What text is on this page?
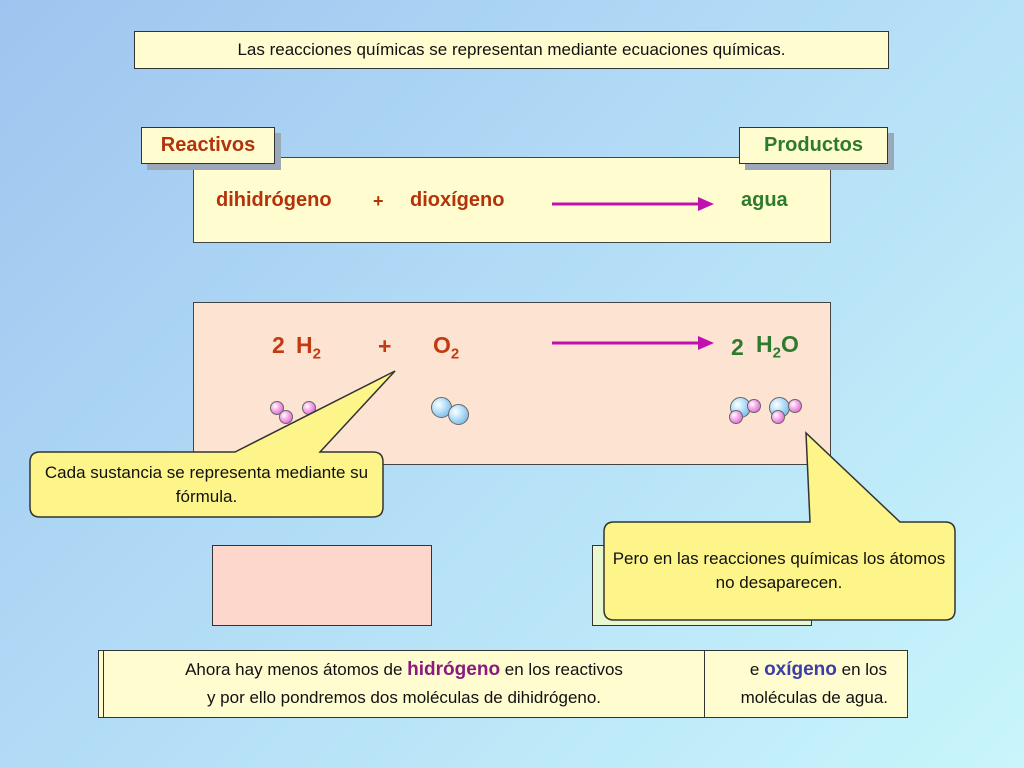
Las reacciones químicas se representan mediante ecuaciones químicas.
Reactivos	Productos
dihidrógeno + dioxígeno	agua
2 $H_2 + O_2$	2 $H_2O$
Cada sustancia se representa mediante su fórmula.
Pero en las reacciones químicas los átomos no desaparecen.
e oxígeno en los
moléculas de agua.
Ahora hay menos átomos de hidrógeno en los reactivos
y por ello pondremos dos moléculas de dihidrógeno.
